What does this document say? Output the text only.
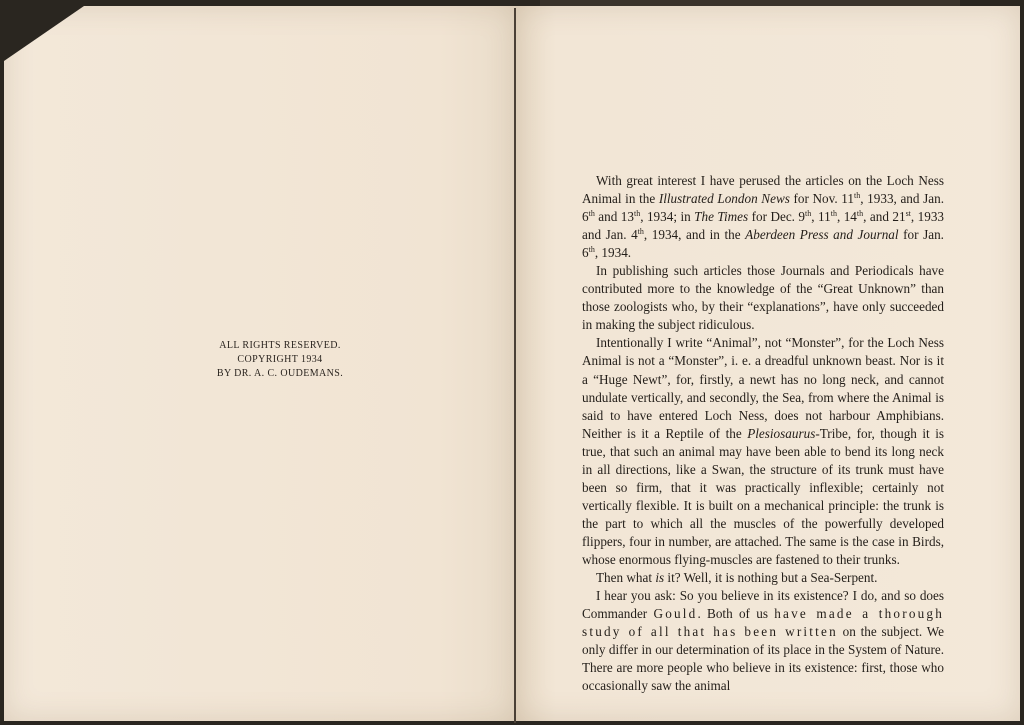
ALL RIGHTS RESERVED.
COPYRIGHT 1934
BY DR. A. C. OUDEMANS.

With great interest I have perused the articles on the Loch Ness Animal in the Illustrated London News for Nov. 11th, 1933, and Jan. 6th and 13th, 1934; in The Times for Dec. 9th, 11th, 14th, and 21st, 1933 and Jan. 4th, 1934, and in the Aberdeen Press and Journal for Jan. 6th, 1934.

In publishing such articles those Journals and Periodicals have contributed more to the knowledge of the “Great Unknown” than those zoologists who, by their “explanations”, have only succeeded in making the subject ridiculous.

Intentionally I write “Animal”, not “Monster”, for the Loch Ness Animal is not a “Monster”, i. e. a dreadful unknown beast. Nor is it a “Huge Newt”, for, firstly, a newt has no long neck, and cannot undulate vertically, and secondly, the Sea, from where the Animal is said to have entered Loch Ness, does not harbour Amphibians. Neither is it a Reptile of the Plesiosaurus-Tribe, for, though it is true, that such an animal may have been able to bend its long neck in all directions, like a Swan, the structure of its trunk must have been so firm, that it was practically inflexible; certainly not vertically flexible. It is built on a mechanical principle: the trunk is the part to which all the muscles of the powerfully developed flippers, four in number, are attached. The same is the case in Birds, whose enormous flying-muscles are fastened to their trunks.

Then what is it? Well, it is nothing but a Sea-Serpent.

I hear you ask: So you believe in its existence? I do, and so does Commander Gould. Both of us have made a thorough study of all that has been written on the subject. We only differ in our determination of its place in the System of Nature. There are more people who believe in its existence: first, those who occasionally saw the animal
